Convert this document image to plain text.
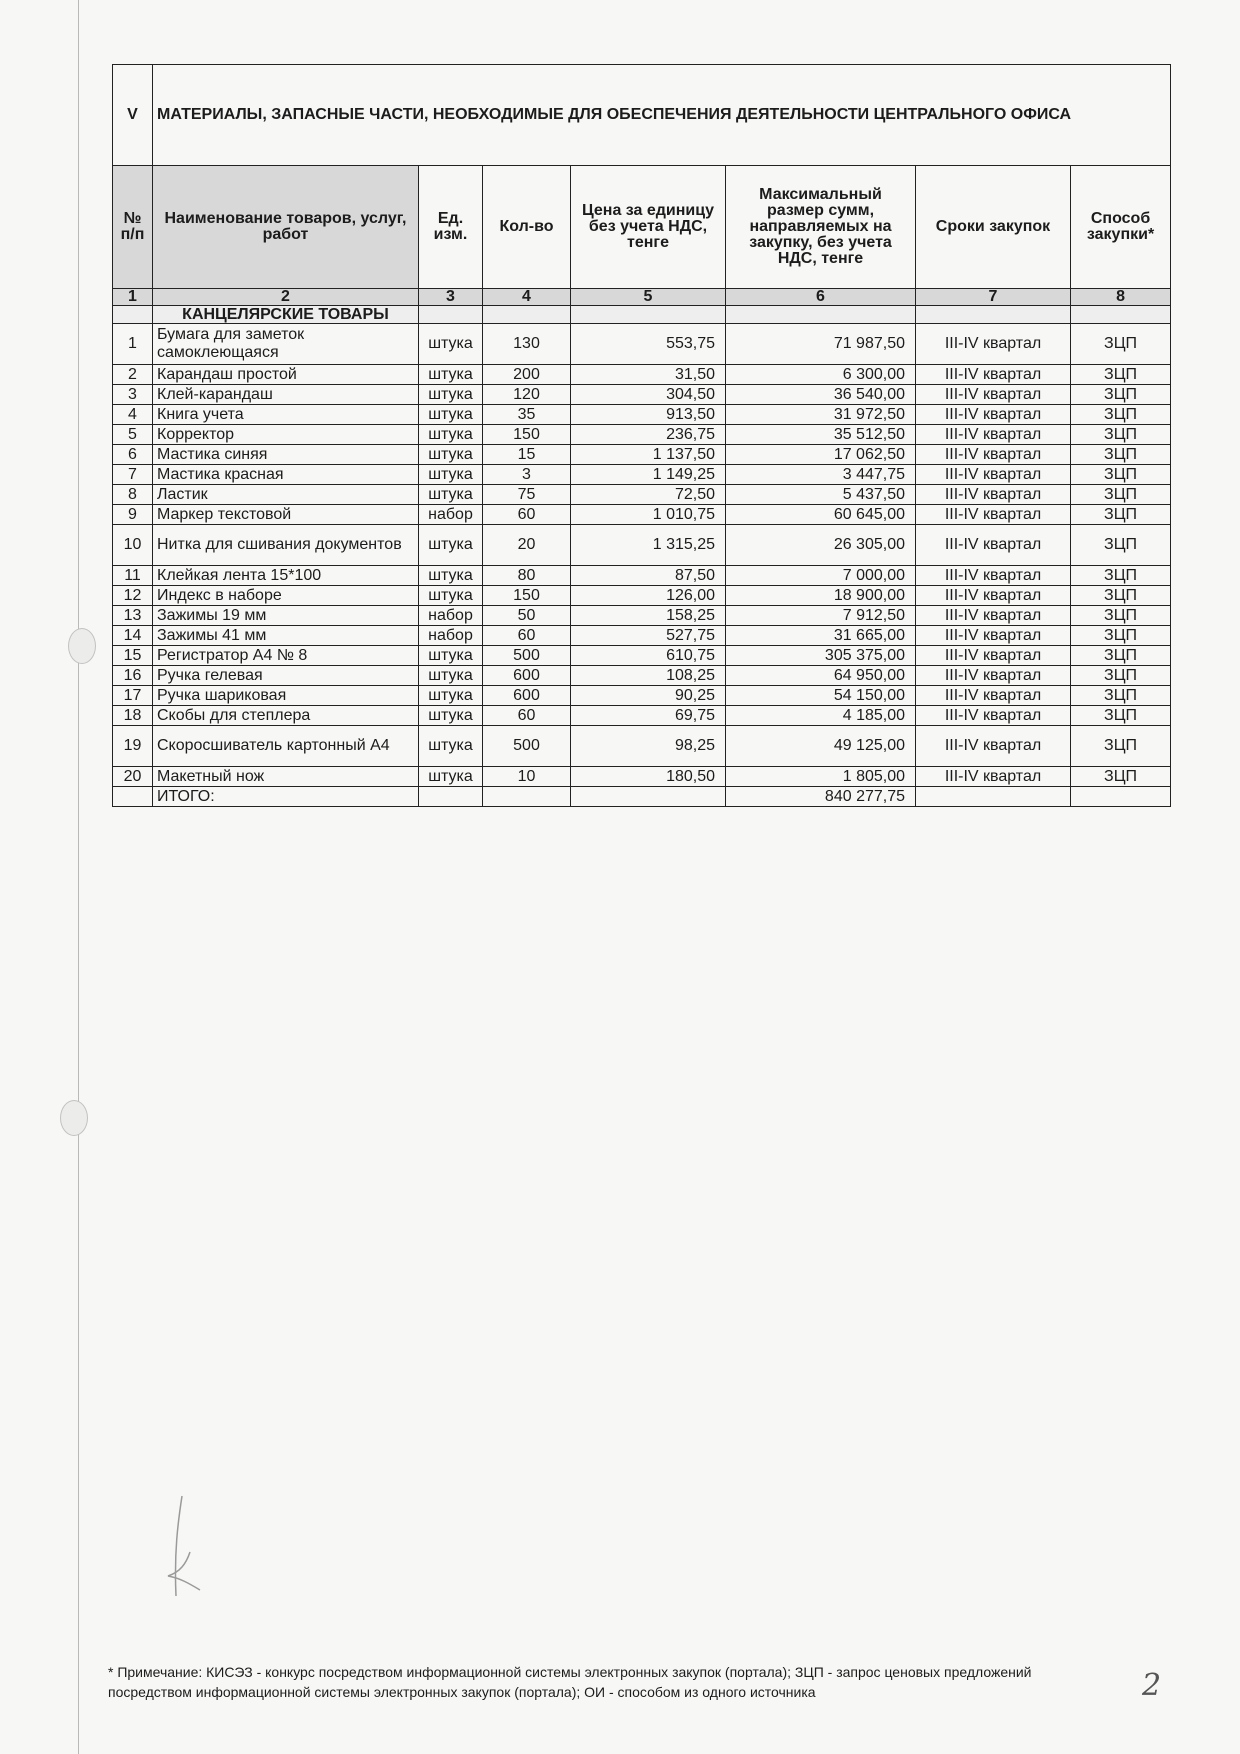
V	МАТЕРИАЛЫ, ЗАПАСНЫЕ ЧАСТИ, НЕОБХОДИМЫЕ ДЛЯ ОБЕСПЕЧЕНИЯ ДЕЯТЕЛЬНОСТИ ЦЕНТРАЛЬНОГО ОФИСА						
№ п/п	Наименование товаров, услуг, работ	Ед. изм.	Кол-во	Цена за единицу без учета НДС, тенге	Максимальный размер сумм, направляемых на закупку, без учета НДС, тенге	Сроки закупок	Способ закупки*
1	2	3	4	5	6	7	8
	КАНЦЕЛЯРСКИЕ ТОВАРЫ						
1	Бумага для заметок самоклеющаяся	штука	130	553,75	71 987,50	III-IV квартал	ЗЦП
2	Карандаш простой	штука	200	31,50	6 300,00	III-IV квартал	ЗЦП
3	Клей-карандаш	штука	120	304,50	36 540,00	III-IV квартал	ЗЦП
4	Книга учета	штука	35	913,50	31 972,50	III-IV квартал	ЗЦП
5	Корректор	штука	150	236,75	35 512,50	III-IV квартал	ЗЦП
6	Мастика синяя	штука	15	1 137,50	17 062,50	III-IV квартал	ЗЦП
7	Мастика красная	штука	3	1 149,25	3 447,75	III-IV квартал	ЗЦП
8	Ластик	штука	75	72,50	5 437,50	III-IV квартал	ЗЦП
9	Маркер текстовой	набор	60	1 010,75	60 645,00	III-IV квартал	ЗЦП
10	Нитка для сшивания документов	штука	20	1 315,25	26 305,00	III-IV квартал	ЗЦП
11	Клейкая лента 15*100	штука	80	87,50	7 000,00	III-IV квартал	ЗЦП
12	Индекс в наборе	штука	150	126,00	18 900,00	III-IV квартал	ЗЦП
13	Зажимы 19 мм	набор	50	158,25	7 912,50	III-IV квартал	ЗЦП
14	Зажимы 41 мм	набор	60	527,75	31 665,00	III-IV квартал	ЗЦП
15	Регистратор А4 № 8	штука	500	610,75	305 375,00	III-IV квартал	ЗЦП
16	Ручка гелевая	штука	600	108,25	64 950,00	III-IV квартал	ЗЦП
17	Ручка шариковая	штука	600	90,25	54 150,00	III-IV квартал	ЗЦП
18	Скобы для степлера	штука	60	69,75	4 185,00	III-IV квартал	ЗЦП
19	Скоросшиватель картонный А4	штука	500	98,25	49 125,00	III-IV квартал	ЗЦП
20	Макетный нож	штука	10	180,50	1 805,00	III-IV квартал	ЗЦП
	ИТОГО:				840 277,75		
* Примечание: КИСЭЗ - конкурс посредством информационной системы электронных закупок (портала); ЗЦП - запрос ценовых предложений посредством информационной системы электронных закупок (портала); ОИ - способом из одного источника	2
